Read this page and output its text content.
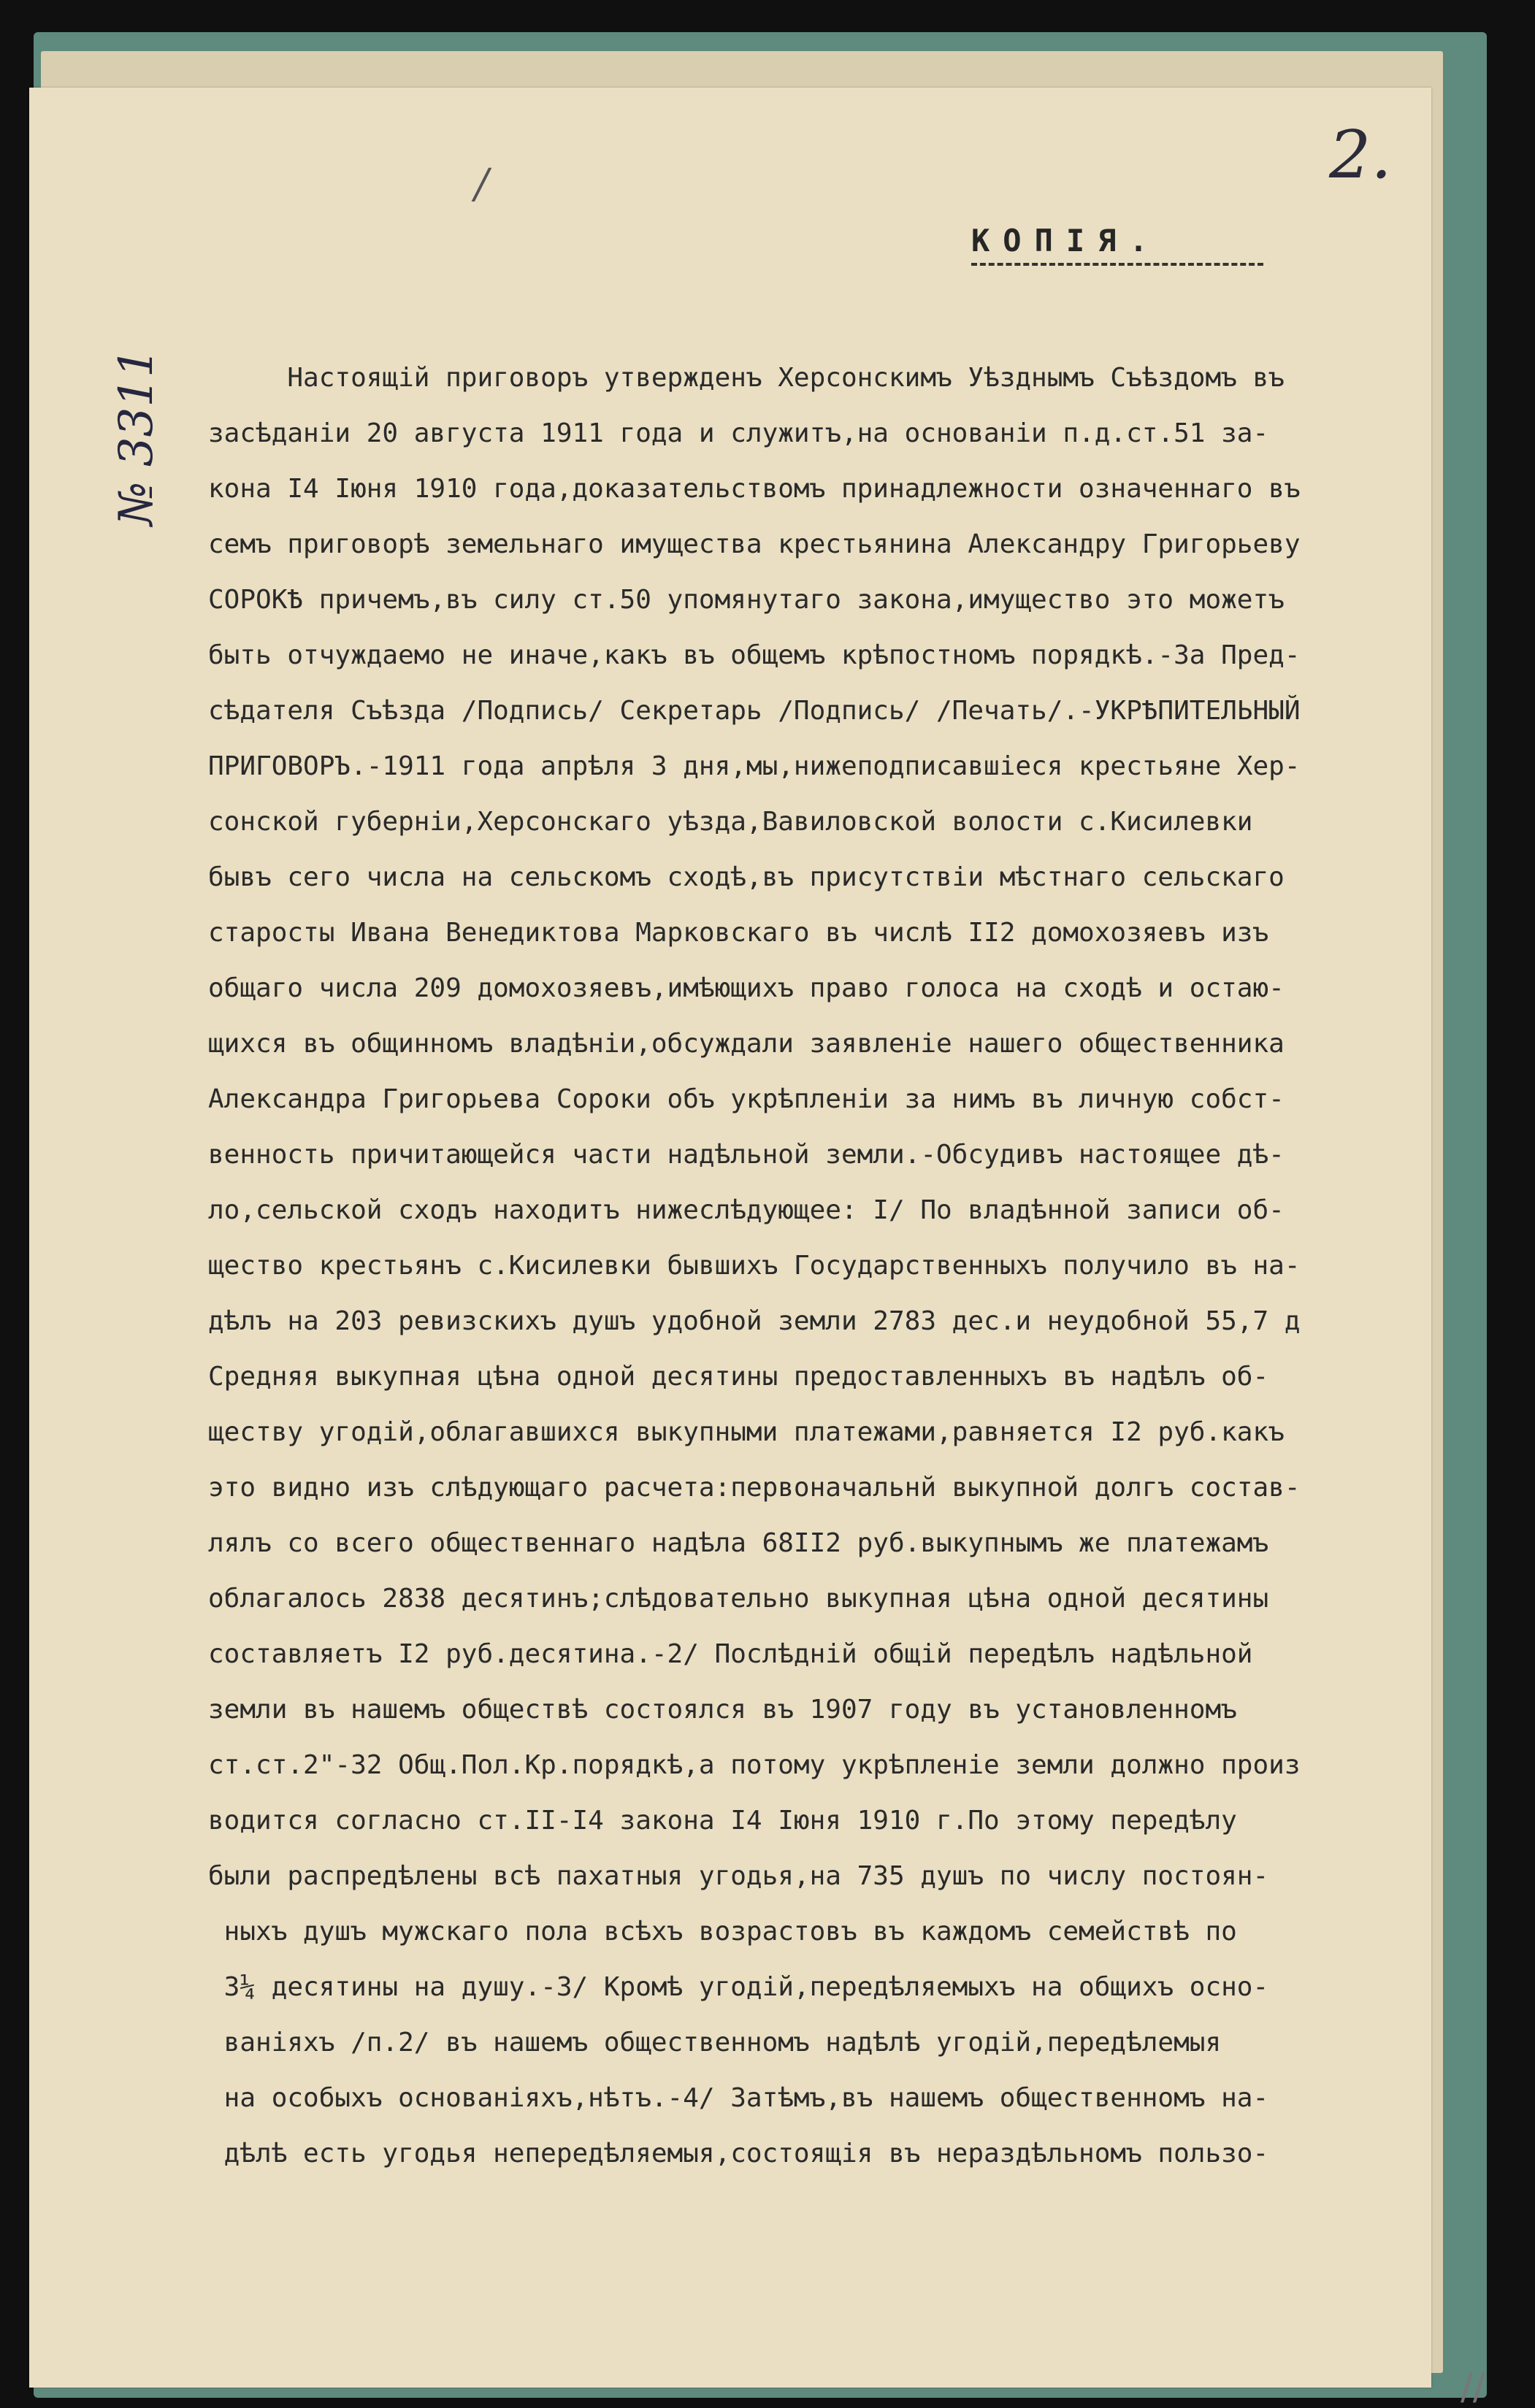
2.
/
№ 3311
КОПIЯ.
Настоящiй приговоръ утвержденъ Херсонскимъ Уѣзднымъ Съѣздомъ въ
засѣданiи 20 августа 1911 года и служитъ,на основанiи п.д.ст.51 за-
кона I4 Iюня 1910 года,доказательствомъ принадлежности означеннаго въ
семъ приговорѣ земельнаго имущества крестьянина Александру Григорьеву
СОРОКѢ причемъ,въ силу ст.50 упомянутаго закона,имущество это можетъ
быть отчуждаемо не иначе,какъ въ общемъ крѣпостномъ порядкѣ.-За Пред-
сѣдателя Съѣзда /Подпись/ Секретарь /Подпись/ /Печать/.-УКРѢПИТЕЛЬНЫЙ
ПРИГОВОРЪ.-1911 года апрѣля 3 дня,мы,нижеподписавшiеся крестьяне Хер-
сонской губернiи,Херсонскаго уѣзда,Вавиловской волости с.Кисилевки
бывъ сего числа на сельскомъ сходѣ,въ присутствiи мѣстнаго сельскаго
старосты Ивана Венедиктова Марковскаго въ числѣ II2 домохозяевъ изъ
общаго числа 209 домохозяевъ,имѣющихъ право голоса на сходѣ и остаю-
щихся въ общинномъ владѣнiи,обсуждали заявленiе нашего общественника
Александра Григорьева Сороки объ укрѣпленiи за нимъ въ личную собст-
венность причитающейся части надѣльной земли.-Обсудивъ настоящее дѣ-
ло,сельской сходъ находитъ нижеслѣдующее: I/ По владѣнной записи об-
щество крестьянъ с.Кисилевки бывшихъ Государственныхъ получило въ на-
дѣлъ на 203 ревизскихъ душъ удобной земли 2783 дес.и неудобной 55,7 д
Средняя выкупная цѣна одной десятины предоставленныхъ въ надѣлъ об-
ществу угодiй,облагавшихся выкупными платежами,равняется I2 руб.какъ
это видно изъ слѣдующаго расчета:первоначальнй выкупной долгъ состав-
лялъ со всего общественнаго надѣла 68II2 руб.выкупнымъ же платежамъ
облагалось 2838 десятинъ;слѣдовательно выкупная цѣна одной десятины
составляетъ I2 руб.десятина.-2/ Послѣднiй общiй передѣлъ надѣльной
земли въ нашемъ обществѣ состоялся въ 1907 году въ установленномъ
ст.ст.2"-32 Общ.Пол.Кр.порядкѣ,а потому укрѣпленiе земли должно произ
водится согласно ст.II-I4 закона I4 Iюня 1910 г.По этому передѣлу
были распредѣлены всѣ пахатныя угодья,на 735 душъ по числу постоян-
ныхъ душъ мужскаго пола всѣхъ возрастовъ въ каждомъ семействѣ по
3¼ десятины на душу.-3/ Кромѣ угодiй,передѣляемыхъ на общихъ осно-
ванiяхъ /п.2/ въ нашемъ общественномъ надѣлѣ угодiй,передѣлемыя
на особыхъ основанiяхъ,нѣтъ.-4/ Затѣмъ,въ нашемъ общественномъ на-
дѣлѣ есть угодья непередѣляемыя,состоящiя въ нераздѣльномъ пользо-
//
